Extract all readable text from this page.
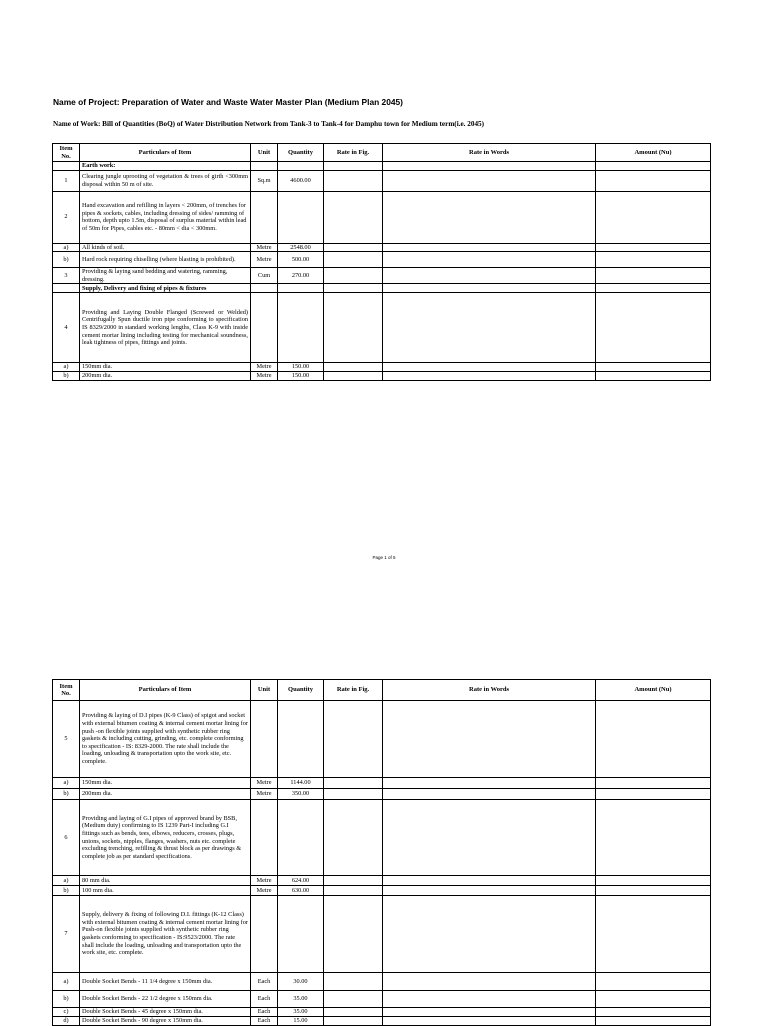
Name of Project: Preparation of Water and Waste Water Master Plan (Medium Plan 2045)
Name of Work: Bill of Quantities (BoQ) of Water Distribution Network from Tank-3 to Tank-4 for Damphu town for Medium term(i.e. 2045)
Item No.	Particulars of Item	Unit	Quantity	Rate in Fig.	Rate in Words	Amount (Nu)
	Earth work:					
1	Clearing jungle uprooting of vegetation & trees of girth <300mm disposal within 50 m of site.	Sq.m	4600.00			
2	Hand excavation and refilling in layers < 200mm, of trenches for pipes & sockets, cables, including dressing of sides/ ramming of bottom, depth upto 1.5m, disposal of surplus material within lead of 50m for Pipes, cables etc. - 80mm < dia < 300mm.					
a)	All kinds of soil.	Metre	2548.00			
b)	Hard rock requiring chiselling (where blasting is prohibited).	Metre	500.00			
3	Providing & laying sand bedding and watering, ramming, dressing.	Cum	270.00			
	Supply, Delivery and fixing of pipes & fixtures					
4	Providing and Laying Double Flanged (Screwed or Welded) Centrifugally Spun ductile iron pipe conforming to specification IS 8329/2000 in standard working lengths, Class K-9 with inside cement mortar lining including testing for mechanical soundness, leak tightness of pipes, fittings and joints.					
a)	150mm dia.	Metre	150.00			
b)	200mm dia.	Metre	150.00			
Page 1 of 5
Item No.	Particulars of Item	Unit	Quantity	Rate in Fig.	Rate in Words	Amount (Nu)
5	Providing & laying of D.I pipes (K-9 Class) of spigot and socket with external bitumen coating & internal cement mortar lining for push -on flexible joints supplied with synthetic rubber ring gaskets & including cutting, grinding, etc. complete conforming to specification - IS: 8329-2000. The rate shall include the loading, unloading & transportation upto the work site, etc. complete.					
a)	150mm dia.	Metre	1144.00			
b)	200mm dia.	Metre	350.00			
6	Providing and laying of G.I pipes of approved brand by BSB, (Medium duty) confirming to IS 1239 Part-I including G.I fittings such as bends, tees, elbows, reducers, crosses, plugs, unions, sockets, nipples, flanges, washers, nuts etc. complete excluding trenching, refilling & thrust block as per drawings & complete job as per standard specifications.					
a)	80 mm dia.	Metre	624.00			
b)	100 mm dia.	Metre	630.00			
7	Supply, delivery & fixing of following D.I. fittings (K-12 Class) with external bitumen coating & internal cement mortar lining for Push-on flexible joints supplied with synthetic rubber ring gaskets conforming to specification - IS:9523/2000. The rate shall include the loading, unloading and transportation upto the work site, etc. complete.					
a)	Double Socket Bends - 11 1/4 degree x 150mm dia.	Each	30.00			
b)	Double Socket Bends - 22 1/2 degree x 150mm dia.	Each	35.00			
c)	Double Socket Bends - 45 degree x 150mm dia.	Each	35.00			
d)	Double Socket Bends - 90 degree x 150mm dia.	Each	15.00			
